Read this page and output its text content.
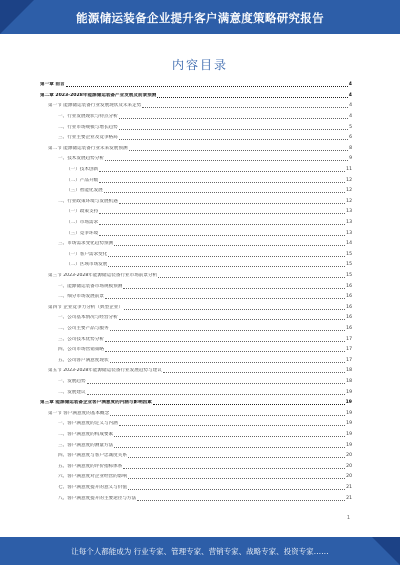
能源储运装备企业提升客户满意度策略研究报告
内容目录
第一章 前言	4
第二章 2023-2028年能源储运装备产业发展及前景预测	4
第一节 能源储运装备行业发展现状及未来走势	4
一、行业发展现状与特点分析	4
二、行业市场规模与增长趋势	5
三、行业主要企业及竞争格局	6
第二节 能源储运装备行业未来发展预测	8
一、技术发展趋势分析	9
（一）技术创新	11
（二）产品升级	12
（三）智能化发展	12
二、行业政策环境与发展机遇	12
（一）政策支持	13
（二）市场需求	13
（三）竞争环境	13
三、市场需求变化趋势预测	14
（一）客户需求变化	15
（二）区域市场发展	15
第三节 2023-2028年能源储运装备行业市场前景分析	15
一、能源储运装备市场规模预测	16
二、细分市场发展前景	16
第四节 企业竞争力分析（典型企业）	16
一、公司基本情况与经营分析	16
二、公司主要产品与服务	16
三、公司技术优势分析	17
四、公司市场营销策略	17
五、公司客户满意度现状	17
第五节 2023-2028年能源储运装备行业发展趋势与建议	18
一、发展趋势	18
二、发展建议	19
第三章 能源储运装备企业客户满意度的内涵与影响因素	19
第一节 客户满意度的基本概念	19
一、客户满意度的定义与内涵	19
二、客户满意度的构成要素	19
三、客户满意度的测量方法	19
四、客户满意度与客户忠诚度关系	20
五、客户满意度的评价指标体系	20
六、客户满意度对企业经营的影响	20
七、客户满意度提升的意义与价值	21
八、客户满意度提升的主要途径与方法	21
1
让每个人都能成为 行业专家、管理专家、营销专家、战略专家、投资专家……
